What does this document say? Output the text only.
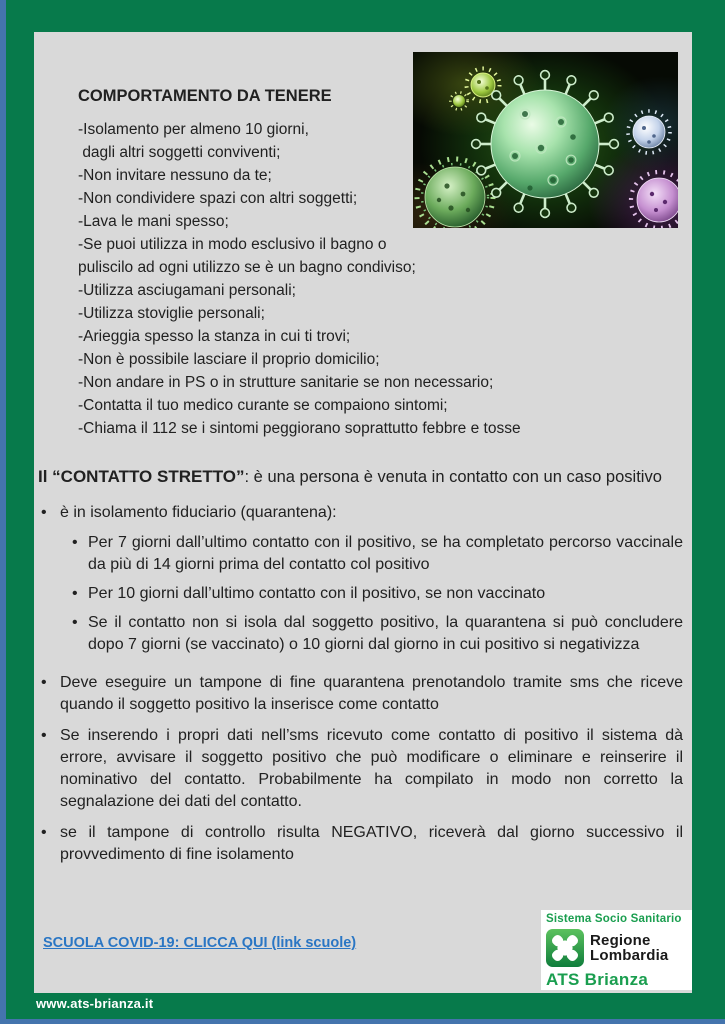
COMPORTAMENTO DA TENERE

-Isolamento per almeno 10 giorni,

dagli altri soggetti conviventi;

-Non invitare nessuno da te;

-Non condividere spazi con altri soggetti;

-Lava le mani spesso;

-Se puoi utilizza in modo esclusivo il bagno o puliscilo ad ogni utilizzo se è un bagno condiviso;

-Utilizza asciugamani personali;

-Utilizza stoviglie personali;

-Arieggia spesso la stanza in cui ti trovi;

-Non è possibile lasciare il proprio domicilio;

-Non andare in PS o in strutture sanitarie se non necessario;

-Contatta il tuo medico curante se compaiono sintomi;

-Chiama il 112 se i sintomi peggiorano soprattutto febbre e tosse

Il “CONTATTO STRETTO”: è una persona è venuta in contatto con un caso positivo

• è in isolamento fiduciario (quarantena):
• Per 7 giorni dall’ultimo contatto con il positivo, se ha completato percorso vaccinale da più di 14 giorni prima del contatto col positivo
• Per 10 giorni dall’ultimo contatto con il positivo, se non vaccinato
• Se il contatto non si isola dal soggetto positivo, la quarantena si può concludere dopo 7 giorni (se vaccinato) o 10 giorni dal giorno in cui positivo si negativizza
• Deve eseguire un tampone di fine quarantena prenotandolo tramite sms che riceve quando il soggetto positivo la inserisce come contatto
• Se inserendo i propri dati nell’sms ricevuto come contatto di positivo il sistema dà errore, avvisare il soggetto positivo che può modificare o eliminare e reinserire il nominativo del contatto. Probabilmente ha compilato in modo non corretto la segnalazione dei dati del contatto.
• se il tampone di controllo risulta NEGATIVO, riceverà dal giorno successivo il provvedimento di fine isolamento
SCUOLA COVID-19: CLICCA QUI (link scuole)
Sistema Socio Sanitario
Regione
Lombardia
ATS Brianza
www.ats-brianza.it
